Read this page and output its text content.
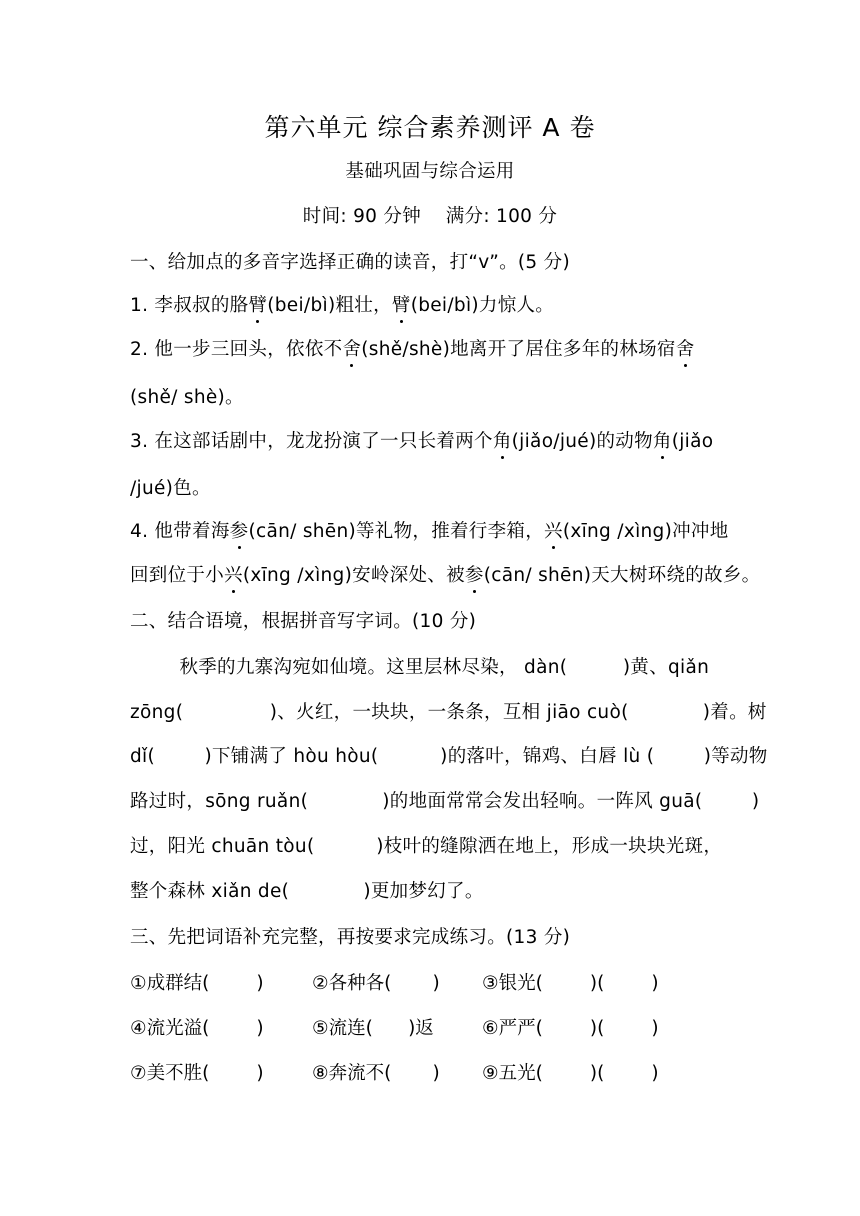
第六单元 综合素养测评 A 卷
基础巩固与综合运用
时间: 90 分钟    满分: 100 分
一、给加点的多音字选择正确的读音，打“v”。(5 分)
1. 李叔叔的胳臂(bei/bì)粗壮，臂(bei/bì)力惊人。
2. 他一步三回头，依依不舍(shě/shè)地离开了居住多年的林场宿舍
(shě/ shè)。
3. 在这部话剧中，龙龙扮演了一只长着两个角(jiǎo/jué)的动物角(jiǎo
/jué)色。
4. 他带着海参(cān/ shēn)等礼物，推着行李箱，兴(xīng /xìng)冲冲地
回到位于小兴(xīng /xìng)安岭深处、被参(cān/ shēn)天大树环绕的故乡。
二、结合语境，根据拼音写字词。(10 分)
秋季的九寨沟宛如仙境。这里层林尽染， dàn(         )黄、qiǎn
zōng(              )、火红，一块块，一条条，互相 jiāo cuò(            )着。树
dǐ(        )下铺满了 hòu hòu(          )的落叶，锦鸡、白唇 lù (        )等动物
路过时，sōng ruǎn(            )的地面常常会发出轻响。一阵风 guā(        )
过，阳光 chuān tòu(          )枝叶的缝隙洒在地上，形成一块块光斑，
整个森林 xiǎn de(            )更加梦幻了。
三、先把词语补充完整，再按要求完成练习。(13 分)
①成群结(        )	②各种各(       ) ③银光(        )(        )
④流光溢(        )	⑤流连(      )返	⑥严严(        )(        )
⑦美不胜(        )	⑧奔流不(       ) ⑨五光(        )(        )
